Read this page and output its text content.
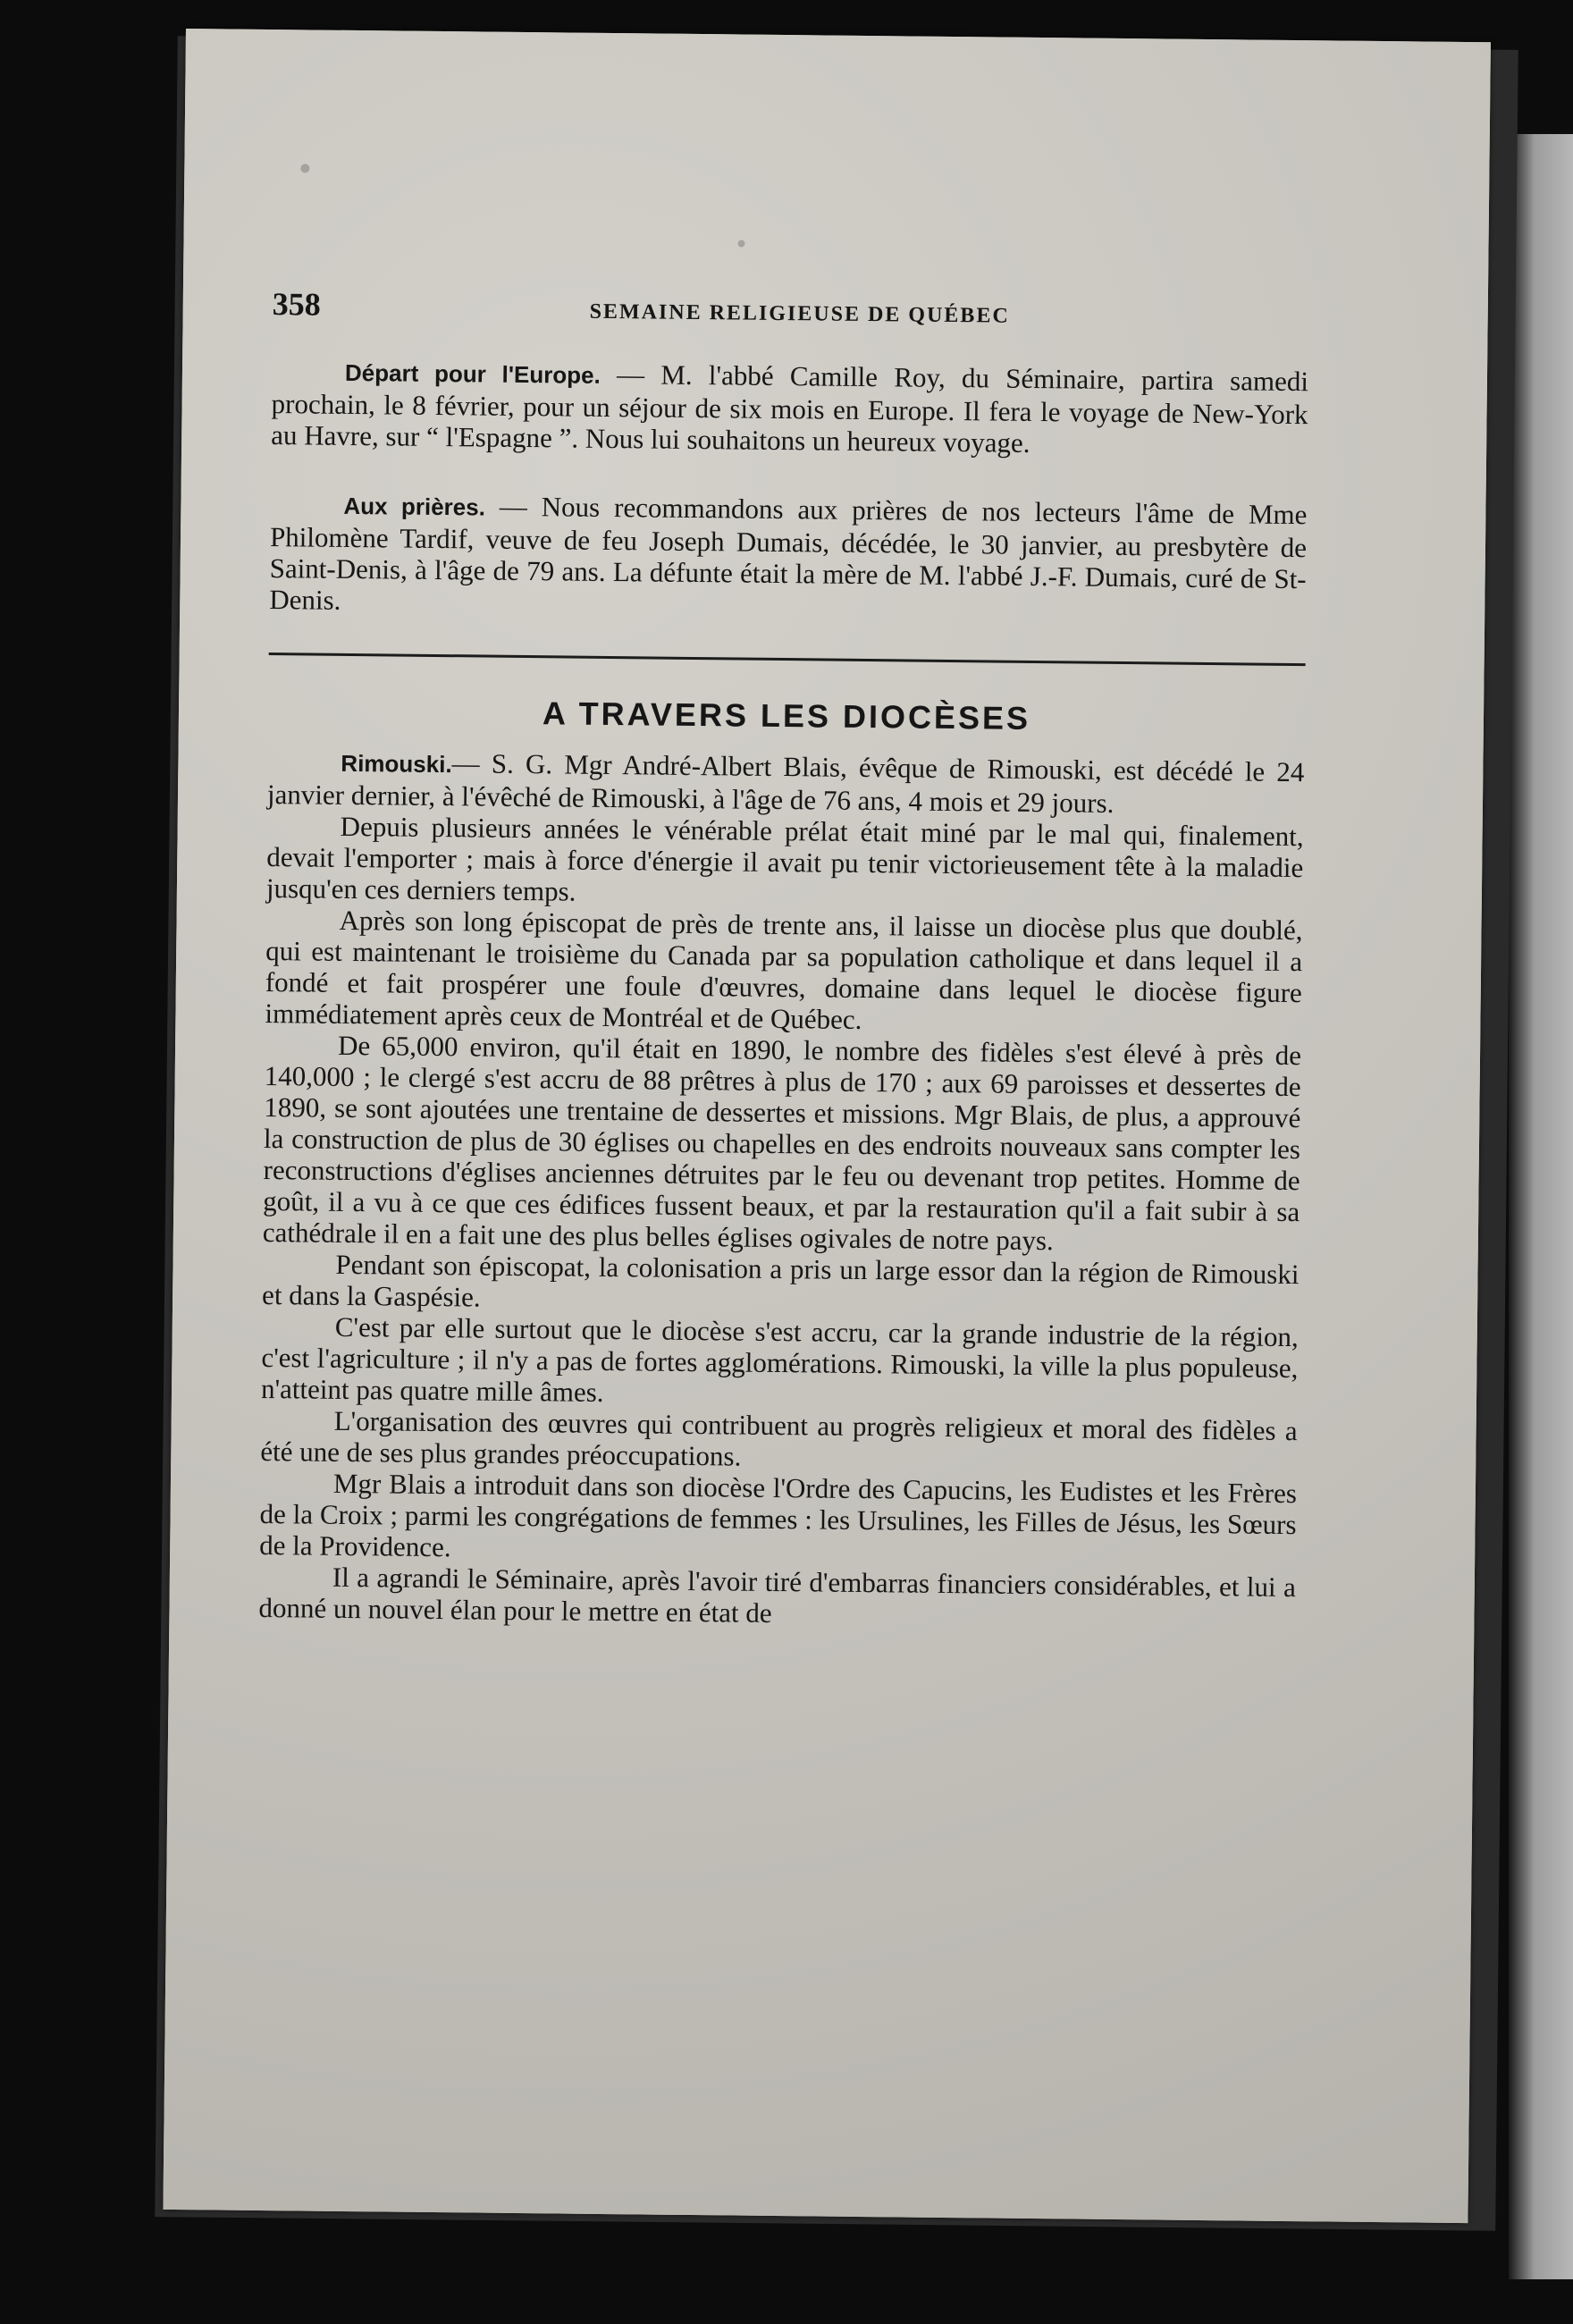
358	SEMAINE RELIGIEUSE DE QUÉBEC

Départ pour l'Europe. — M. l'abbé Camille Roy, du Séminaire, partira samedi prochain, le 8 février, pour un séjour de six mois en Europe. Il fera le voyage de New-York au Havre, sur “ l'Espagne ”. Nous lui souhaitons un heureux voyage.

Aux prières. — Nous recommandons aux prières de nos lecteurs l'âme de Mme Philomène Tardif, veuve de feu Joseph Dumais, décédée, le 30 janvier, au presbytère de Saint-Denis, à l'âge de 79 ans. La défunte était la mère de M. l'abbé J.-F. Dumais, curé de St-Denis.

A TRAVERS LES DIOCÈSES

Rimouski.— S. G. Mgr André-Albert Blais, évêque de Rimouski, est décédé le 24 janvier dernier, à l'évêché de Rimouski, à l'âge de 76 ans, 4 mois et 29 jours.

Depuis plusieurs années le vénérable prélat était miné par le mal qui, finalement, devait l'emporter ; mais à force d'énergie il avait pu tenir victorieusement tête à la maladie jusqu'en ces derniers temps.

Après son long épiscopat de près de trente ans, il laisse un diocèse plus que doublé, qui est maintenant le troisième du Canada par sa population catholique et dans lequel il a fondé et fait prospérer une foule d'œuvres, domaine dans lequel le diocèse figure immédiatement après ceux de Montréal et de Québec.

De 65,000 environ, qu'il était en 1890, le nombre des fidèles s'est élevé à près de 140,000 ; le clergé s'est accru de 88 prêtres à plus de 170 ; aux 69 paroisses et dessertes de 1890, se sont ajoutées une trentaine de dessertes et missions. Mgr Blais, de plus, a approuvé la construction de plus de 30 églises ou chapelles en des endroits nouveaux sans compter les reconstructions d'églises anciennes détruites par le feu ou devenant trop petites. Homme de goût, il a vu à ce que ces édifices fussent beaux, et par la restauration qu'il a fait subir à sa cathédrale il en a fait une des plus belles églises ogivales de notre pays.

Pendant son épiscopat, la colonisation a pris un large essor dan la région de Rimouski et dans la Gaspésie.

C'est par elle surtout que le diocèse s'est accru, car la grande industrie de la région, c'est l'agriculture ; il n'y a pas de fortes agglomérations. Rimouski, la ville la plus populeuse, n'atteint pas quatre mille âmes.

L'organisation des œuvres qui contribuent au progrès religieux et moral des fidèles a été une de ses plus grandes préoccupations.

Mgr Blais a introduit dans son diocèse l'Ordre des Capucins, les Eudistes et les Frères de la Croix ; parmi les congrégations de femmes : les Ursulines, les Filles de Jésus, les Sœurs de la Providence.

Il a agrandi le Séminaire, après l'avoir tiré d'embarras financiers considérables, et lui a donné un nouvel élan pour le mettre en état de
